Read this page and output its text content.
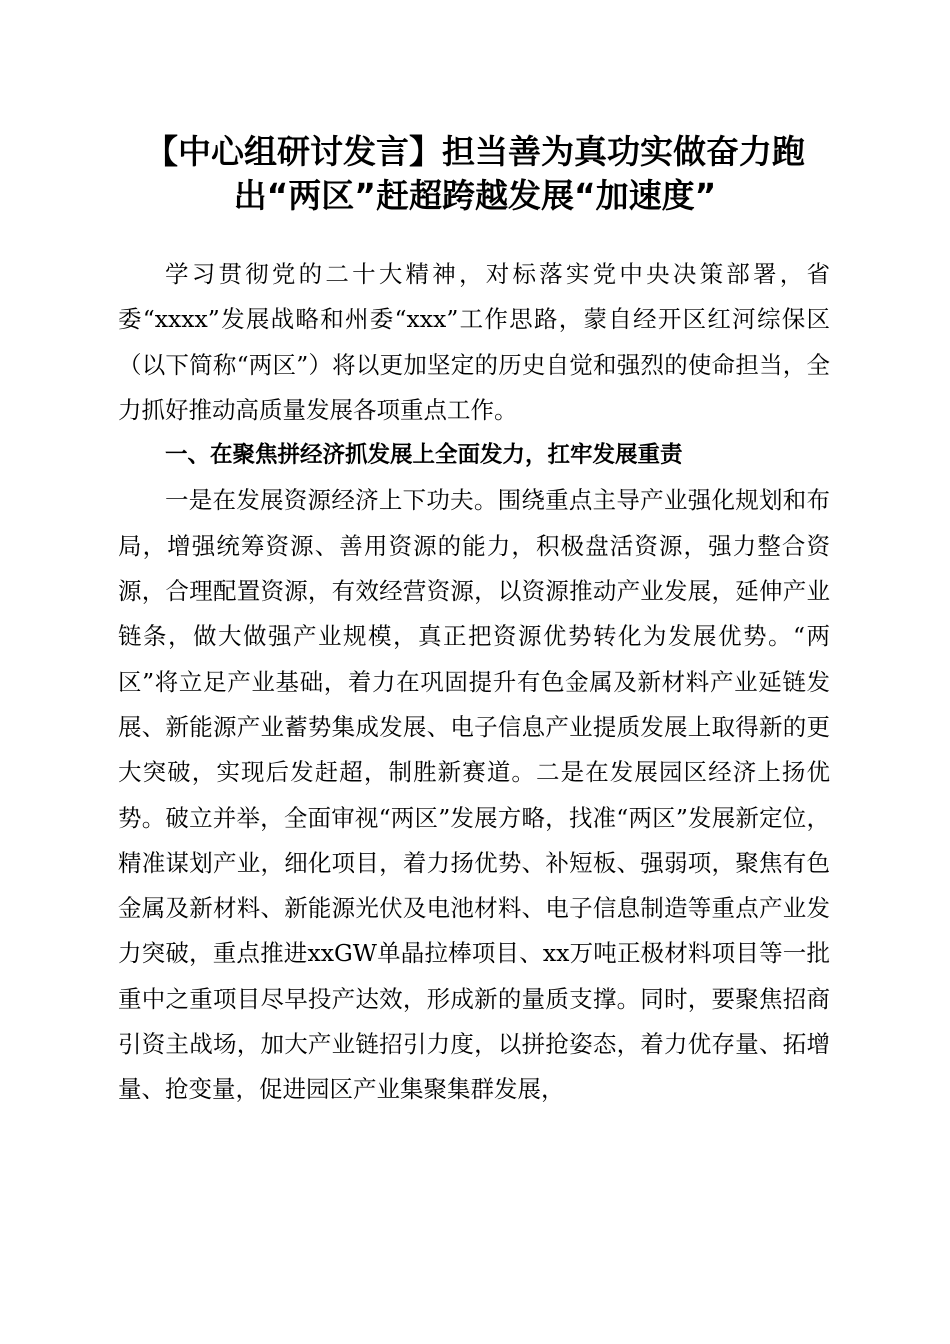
【中心组研讨发言】担当善为真功实做奋力跑
出“两区”赶超跨越发展“加速度”

学习贯彻党的二十大精神，对标落实党中央决策部署，省委“xxxx”发展战略和州委“xxx”工作思路，蒙自经开区红河综保区（以下简称“两区”）将以更加坚定的历史自觉和强烈的使命担当，全力抓好推动高质量发展各项重点工作。

一、在聚焦拼经济抓发展上全面发力，扛牢发展重责

一是在发展资源经济上下功夫。围绕重点主导产业强化规划和布局，增强统筹资源、善用资源的能力，积极盘活资源，强力整合资源，合理配置资源，有效经营资源，以资源推动产业发展，延伸产业链条，做大做强产业规模，真正把资源优势转化为发展优势。“两区”将立足产业基础，着力在巩固提升有色金属及新材料产业延链发展、新能源产业蓄势集成发展、电子信息产业提质发展上取得新的更大突破，实现后发赶超，制胜新赛道。二是在发展园区经济上扬优势。破立并举，全面审视“两区”发展方略，找准“两区”发展新定位，精准谋划产业，细化项目，着力扬优势、补短板、强弱项，聚焦有色金属及新材料、新能源光伏及电池材料、电子信息制造等重点产业发力突破，重点推进xxGW单晶拉棒项目、xx万吨正极材料项目等一批重中之重项目尽早投产达效，形成新的量质支撑。同时，要聚焦招商引资主战场，加大产业链招引力度，以拼抢姿态，着力优存量、拓增量、抢变量，促进园区产业集聚集群发展，
